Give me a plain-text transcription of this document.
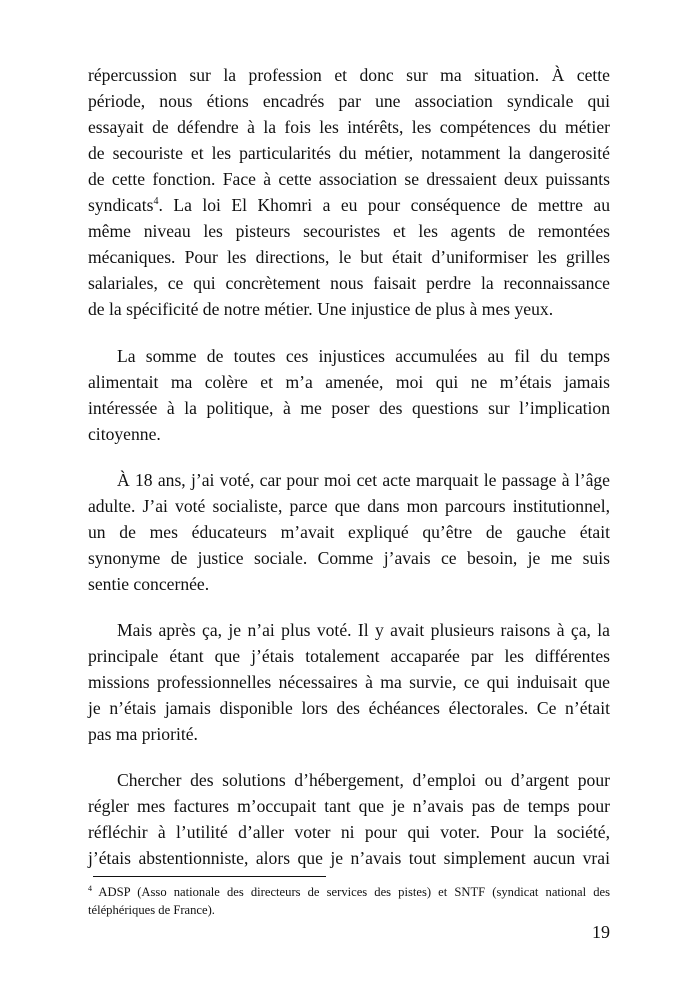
répercussion sur la profession et donc sur ma situation. À cette
période, nous étions encadrés par une association syndicale qui
essayait de défendre à la fois les intérêts, les compétences du métier
de secouriste et les particularités du métier, notamment la dangerosité
de cette fonction. Face à cette association se dressaient deux puissants
syndicats$^4$. La loi El Khomri a eu pour conséquence de mettre au
même niveau les pisteurs secouristes et les agents de remontées
mécaniques. Pour les directions, le but était d’uniformiser les grilles
salariales, ce qui concrètement nous faisait perdre la reconnaissance
de la spécificité de notre métier. Une injustice de plus à mes yeux.
La somme de toutes ces injustices accumulées au fil du temps
alimentait ma colère et m’a amenée, moi qui ne m’étais jamais
intéressée à la politique, à me poser des questions sur l’implication
citoyenne.
À 18 ans, j’ai voté, car pour moi cet acte marquait le passage à l’âge
adulte. J’ai voté socialiste, parce que dans mon parcours institutionnel,
un de mes éducateurs m’avait expliqué qu’être de gauche était
synonyme de justice sociale. Comme j’avais ce besoin, je me suis
sentie concernée.
Mais après ça, je n’ai plus voté. Il y avait plusieurs raisons à ça, la
principale étant que j’étais totalement accaparée par les différentes
missions professionnelles nécessaires à ma survie, ce qui induisait que
je n’étais jamais disponible lors des échéances électorales. Ce n’était
pas ma priorité.
Chercher des solutions d’hébergement, d’emploi ou d’argent pour
régler mes factures m’occupait tant que je n’avais pas de temps pour
réfléchir à l’utilité d’aller voter ni pour qui voter. Pour la société,
j’étais abstentionniste, alors que je n’avais tout simplement aucun vrai
$^4$ ADSP (Asso nationale des directeurs de services des pistes) et SNTF (syndicat national des
téléphériques de France).
19
